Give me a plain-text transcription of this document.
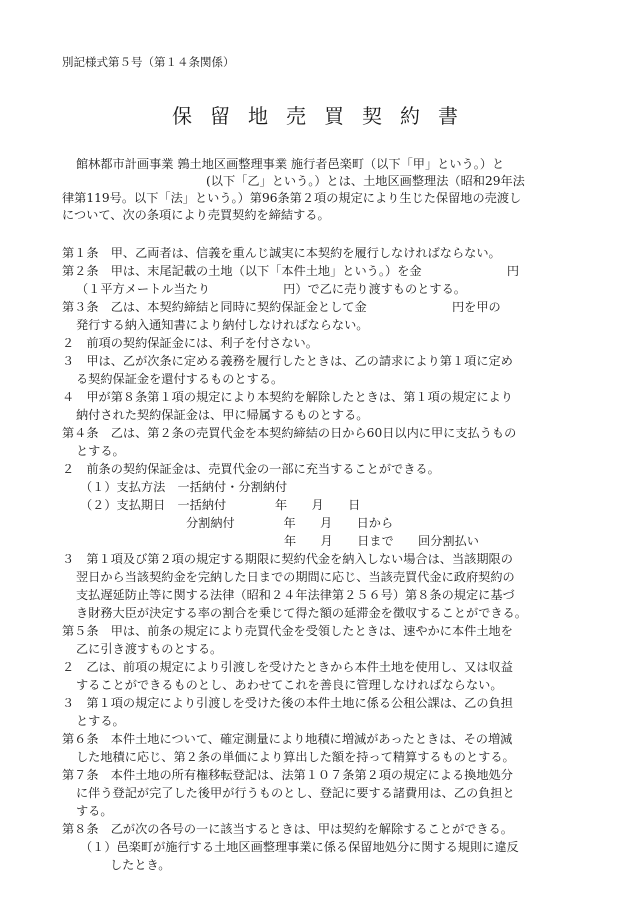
別記様式第５号（第１４条関係）
保留地売買契約書
館林都市計画事業 鶉土地区画整理事業 施行者邑楽町（以下「甲」という。）と
(以下「乙」という。）とは、土地区画整理法（昭和29年法
律第119号。以下「法」という。）第96条第２項の規定により生じた保留地の売渡し
について、次の条項により売買契約を締結する。
第１条　甲、乙両者は、信義を重んじ誠実に本契約を履行しなければならない。
第２条　甲は、末尾記載の土地（以下「本件土地」という。）を金　　　　　　　円
（１平方メートル当たり　　　　　　円）で乙に売り渡すものとする。
第３条　乙は、本契約締結と同時に契約保証金として金　　　　　　　円を甲の
発行する納入通知書により納付しなければならない。
２　前項の契約保証金には、利子を付さない。
３　甲は、乙が次条に定める義務を履行したときは、乙の請求により第１項に定め
る契約保証金を還付するものとする。
４　甲が第８条第１項の規定により本契約を解除したときは、第１項の規定により
納付された契約保証金は、甲に帰属するものとする。
第４条　乙は、第２条の売買代金を本契約締結の日から60日以内に甲に支払うもの
とする。
２　前条の契約保証金は、売買代金の一部に充当することができる。
（１）支払方法　一括納付・分割納付
（２）支払期日　一括納付　　　　年　　月　　日
分割納付　　　　年　　月　　日から
年　　月　　日まで　　回分割払い
３　第１項及び第２項の規定する期限に契約代金を納入しない場合は、当該期限の
翌日から当該契約金を完納した日までの期間に応じ、当該売買代金に政府契約の
支払遅延防止等に関する法律（昭和２４年法律第２５６号）第８条の規定に基づ
き財務大臣が決定する率の割合を乗じて得た額の延滞金を徴収することができる。
第５条　甲は、前条の規定により売買代金を受領したときは、速やかに本件土地を
乙に引き渡すものとする。
２　乙は、前項の規定により引渡しを受けたときから本件土地を使用し、又は収益
することができるものとし、あわせてこれを善良に管理しなければならない。
３　第１項の規定により引渡しを受けた後の本件土地に係る公租公課は、乙の負担
とする。
第６条　本件土地について、確定測量により地積に増減があったときは、その増減
した地積に応じ、第２条の単価により算出した額を持って精算するものとする。
第７条　本件土地の所有権移転登記は、法第１０７条第２項の規定による換地処分
に伴う登記が完了した後甲が行うものとし、登記に要する諸費用は、乙の負担と
する。
第８条　乙が次の各号の一に該当するときは、甲は契約を解除することができる。
（１）邑楽町が施行する土地区画整理事業に係る保留地処分に関する規則に違反
したとき。
